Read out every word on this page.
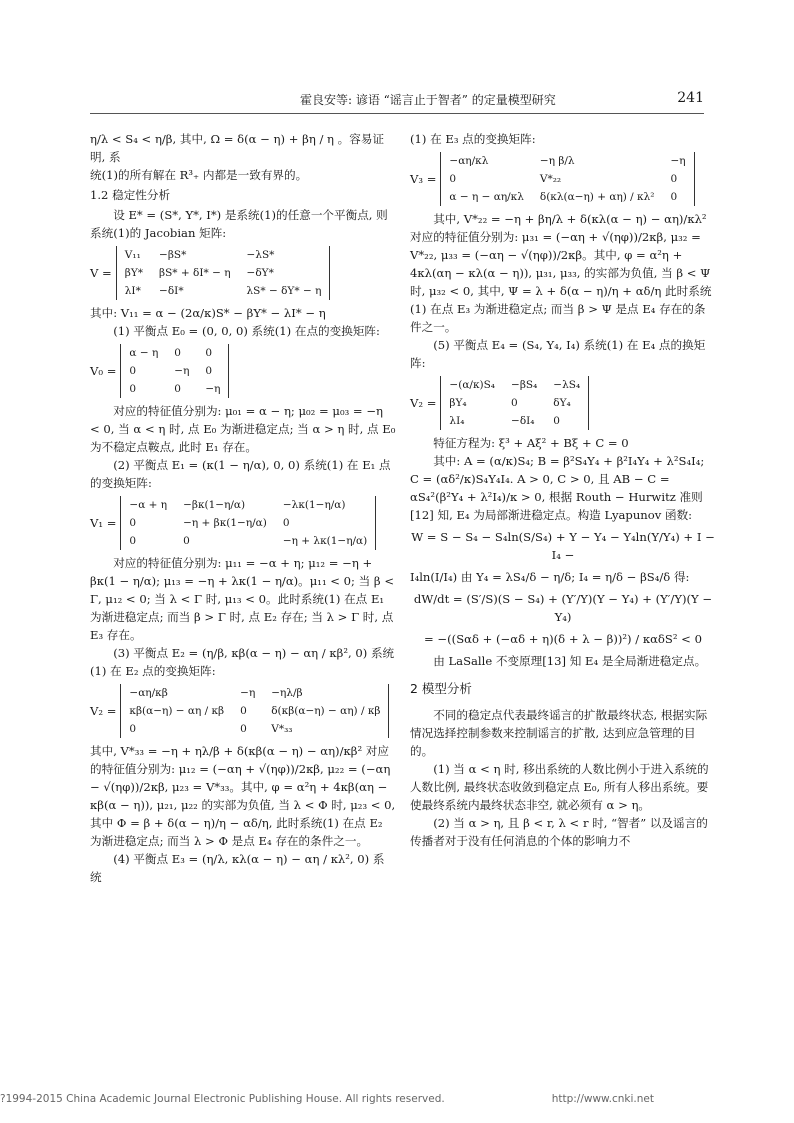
霍良安等: 谚语 “谣言止于智者” 的定量模型研究	241

η/λ < S₄ < η/β, 其中, Ω = δ(α − η) + βη / η 。容易证明, 系

统(1)的所有解在 R³₊ 内都是一致有界的。

1.2 稳定性分析

设 E* = (S*, Y*, I*) 是系统(1)的任意一个平衡点, 则系统(1)的 Jacobian 矩阵:

V =
V₁₁	−βS*	−λS*
βY*	βS* + δI* − η	−δY*
λI*	−δI*	λS* − δY* − η

其中: V₁₁ = α − (2α/κ)S* − βY* − λI* − η

(1) 平衡点 E₀ = (0, 0, 0) 系统(1) 在点的变换矩阵:

V₀ =
α − η	0	0
0	−η	0
0	0	−η

对应的特征值分别为: μ₀₁ = α − η; μ₀₂ = μ₀₃ = −η < 0, 当 α < η 时, 点 E₀ 为渐进稳定点; 当 α > η 时, 点 E₀ 为不稳定点鞍点, 此时 E₁ 存在。

(2) 平衡点 E₁ = (κ(1 − η/α), 0, 0) 系统(1) 在 E₁ 点的变换矩阵:

V₁ =
−α + η	−βκ(1−η/α)	−λκ(1−η/α)
0	−η + βκ(1−η/α)	0
0	0	−η + λκ(1−η/α)

对应的特征值分别为: μ₁₁ = −α + η; μ₁₂ = −η + βκ(1 − η/α); μ₁₃ = −η + λκ(1 − η/α)。μ₁₁ < 0; 当 β < Γ, μ₁₂ < 0; 当 λ < Γ 时, μ₁₃ < 0。此时系统(1) 在点 E₁ 为渐进稳定点; 而当 β > Γ 时, 点 E₂ 存在; 当 λ > Γ 时, 点 E₃ 存在。

(3) 平衡点 E₂ = (η/β, κβ(α − η) − αη / κβ², 0) 系统(1) 在 E₂ 点的变换矩阵:

V₂ =
−αη/κβ	−η	−ηλ/β
κβ(α−η) − αη / κβ	0	δ(κβ(α−η) − αη) / κβ
0	0	V*₃₃

其中, V*₃₃ = −η + ηλ/β + δ(κβ(α − η) − αη)/κβ² 对应的特征值分别为: μ₁₂ = (−αη + √(ηφ))/2κβ, μ₂₂ = (−αη − √(ηφ))/2κβ, μ₂₃ = V*₃₃。其中, φ = α²η + 4κβ(αη − κβ(α − η)), μ₂₁, μ₂₂ 的实部为负值, 当 λ < Φ 时, μ₂₃ < 0, 其中 Φ = β + δ(α − η)/η − αδ/η, 此时系统(1) 在点 E₂ 为渐进稳定点; 而当 λ > Φ 是点 E₄ 存在的条件之一。

(4) 平衡点 E₃ = (η/λ, κλ(α − η) − αη / κλ², 0) 系统

(1) 在 E₃ 点的变换矩阵:

V₃ =
−αη/κλ	−η β/λ	−η
0	V*₂₂	0
α − η − αη/κλ	δ(κλ(α−η) + αη) / κλ²	0

其中, V*₂₂ = −η + βη/λ + δ(κλ(α − η) − αη)/κλ² 对应的特征值分别为: μ₃₁ = (−αη + √(ηφ))/2κβ, μ₃₂ = V*₂₂, μ₃₃ = (−αη − √(ηφ))/2κβ。其中, φ = α²η + 4κλ(αη − κλ(α − η)), μ₃₁, μ₃₃, 的实部为负值, 当 β < Ψ 时, μ₃₂ < 0, 其中, Ψ = λ + δ(α − η)/η + αδ/η 此时系统(1) 在点 E₃ 为渐进稳定点; 而当 β > Ψ 是点 E₄ 存在的条件之一。

(5) 平衡点 E₄ = (S₄, Y₄, I₄) 系统(1) 在 E₄ 点的换矩阵:

V₂ =
−(α/κ)S₄	−βS₄	−λS₄
βY₄	0	δY₄
λI₄	−δI₄	0

特征方程为: ξ³ + Aξ² + Bξ + C = 0

其中: A = (α/κ)S₄; B = β²S₄Y₄ + β²I₄Y₄ + λ²S₄I₄; C = (αδ²/κ)S₄Y₄I₄. A > 0, C > 0, 且 AB − C = αS₄²(β²Y₄ + λ²I₄)/κ > 0, 根据 Routh − Hurwitz 准则[12] 知, E₄ 为局部渐进稳定点。构造 Lyapunov 函数:

W = S − S₄ − S₄ln(S/S₄) + Y − Y₄ − Y₄ln(Y/Y₄) + I − I₄ −

I₄ln(I/I₄) 由 Y₄ = λS₄/δ − η/δ; I₄ = η/δ − βS₄/δ 得:

dW/dt = (S′/S)(S − S₄) + (Y′/Y)(Y − Y₄) + (Y′/Y)(Y − Y₄)

= −((Sαδ + (−αδ + η)(δ + λ − β))²) / καδS² < 0

由 LaSalle 不变原理[13] 知 E₄ 是全局渐进稳定点。

2 模型分析

不同的稳定点代表最终谣言的扩散最终状态, 根据实际情况选择控制参数来控制谣言的扩散, 达到应急管理的目的。

(1) 当 α < η 时, 移出系统的人数比例小于进入系统的人数比例, 最终状态收敛到稳定点 E₀, 所有人移出系统。要使最终系统内最终状态非空, 就必须有 α > η。

(2) 当 α > η, 且 β < r, λ < r 时, “智者” 以及谣言的传播者对于没有任何消息的个体的影响力不

?1994-2015 China Academic Journal Electronic Publishing House. All rights reserved.	http://www.cnki.net
